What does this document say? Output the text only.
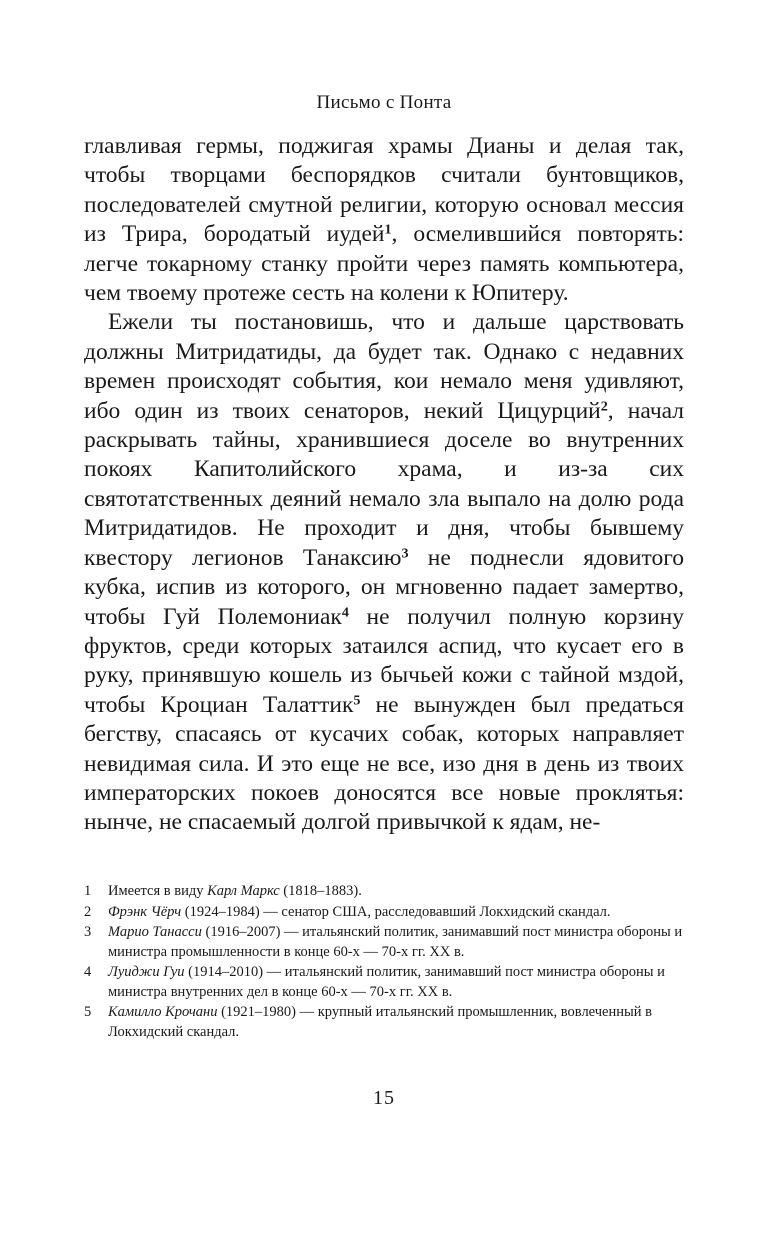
Письмо с Понта

главливая гермы, поджигая храмы Дианы и делая так, чтобы творцами беспорядков считали бунтовщиков, последователей смутной религии, которую основал мессия из Трира, бородатый иудей$^1$, осмелившийся повторять: легче токарному станку пройти через память компьютера, чем твоему протеже сесть на колени к Юпитеру.

Ежели ты постановишь, что и дальше царствовать должны Митридатиды, да будет так. Однако с недавних времен происходят события, кои немало меня удивляют, ибо один из твоих сенаторов, некий Цицурций$^2$, начал раскрывать тайны, хранившиеся доселе во внутренних покоях Капитолийского храма, и из-за сих святотатственных деяний немало зла выпало на долю рода Митридатидов. Не проходит и дня, чтобы бывшему квестору легионов Танаксию$^3$ не поднесли ядовитого кубка, испив из которого, он мгновенно падает замертво, чтобы Гуй Полемониак$^4$ не получил полную корзину фруктов, среди которых затаился аспид, что кусает его в руку, принявшую кошель из бычьей кожи с тайной мздой, чтобы Кроциан Талаттик$^5$ не вынужден был предаться бегству, спасаясь от кусачих собак, которых направляет невидимая сила. И это еще не все, изо дня в день из твоих императорских покоев доносятся все новые проклятья: нынче, не спасаемый долгой привычкой к ядам, не-

1	Имеется в виду Карл Маркс (1818–1883).
2	Фрэнк Чёрч (1924–1984) — сенатор США, расследовавший Локхидский скандал.
3	Марио Танасси (1916–2007) — итальянский политик, занимавший пост министра обороны и министра промышленности в конце 60-х — 70-х гг. XX в.
4	Луиджи Гуи (1914–2010) — итальянский политик, занимавший пост министра обороны и министра внутренних дел в конце 60-х — 70-х гг. XX в.
5	Камилло Крочани (1921–1980) — крупный итальянский промышленник, вовлеченный в Локхидский скандал.
15
